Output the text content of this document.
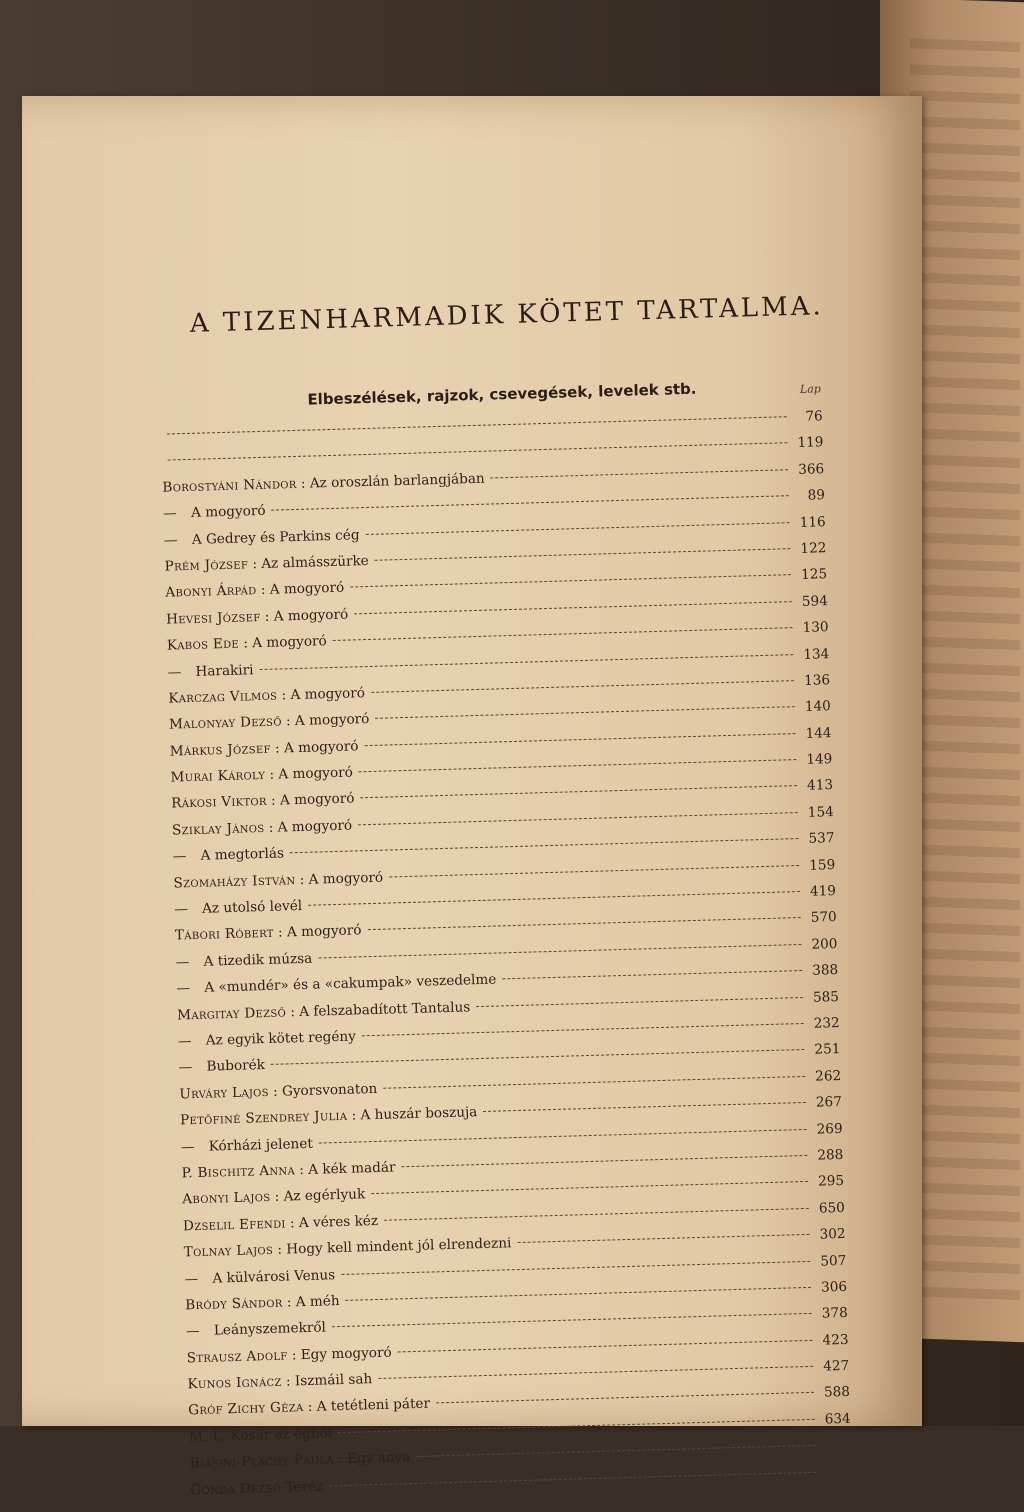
A TIZENHARMADIK KÖTET TARTALMA.
Elbeszélések, rajzok, csevegések, levelek stb.	Lap
76
119
Borostyáni Nándor : Az oroszlán barlangjában
366
— A mogyoró
89
— A Gedrey és Parkins cég
116
Prém József : Az almásszürke
122
Abonyi Árpád : A mogyoró
125
Hevesi József : A mogyoró
594
Kabos Ede : A mogyoró
130
— Harakiri
134
Karczag Vilmos : A mogyoró
136
Malonyay Dezső : A mogyoró
140
Márkus József : A mogyoró
144
Murai Károly : A mogyoró
149
Rákosi Viktor : A mogyoró
413
Sziklay János : A mogyoró
154
— A megtorlás
537
Szomaházy István : A mogyoró
159
— Az utolsó levél
419
Tábori Róbert : A mogyoró
570
— A tizedik múzsa
200
— A «mundér» és a «cakumpak» veszedelme
388
Margitay Dezső : A felszabadított Tantalus
585
— Az egyik kötet regény
232
— Buborék
251
Urváry Lajos : Gyorsvonaton
262
Petőfiné Szendrey Julia : A huszár boszuja
267
— Kórházi jelenet
269
P. Bischitz Anna : A kék madár
288
Abonyi Lajos : Az egérlyuk
295
Dzselil Efendi : A véres kéz
650
Tolnay Lajos : Hogy kell mindent jól elrendezni
302
— A külvárosi Venus
507
Bródy Sándor : A méh
306
— Leányszemekről
378
Strausz Adolf : Egy mogyoró
423
Kunos Ignácz : Iszmáil sah
427
Gróf Zichy Géza : A tetétleni páter
588
M. L.
Kosár az égből
634
Biasini-Plachy Paula : Egy anya
Gonda Dezső
Teréz
